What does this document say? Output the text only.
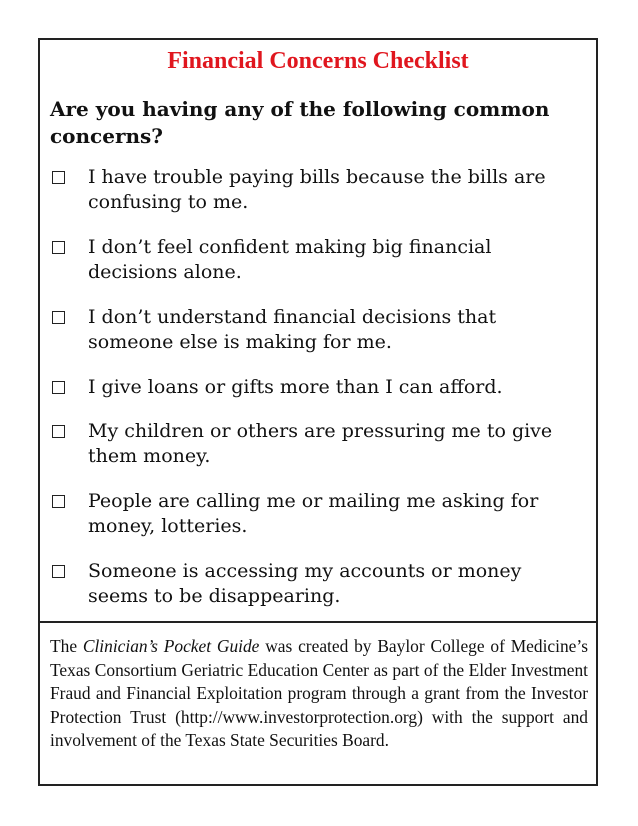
Financial Concerns Checklist

Are you having any of the following common concerns?

I have trouble paying bills because the bills are confusing to me.
I don’t feel confident making big financial decisions alone.
I don’t understand financial decisions that someone else is making for me.
I give loans or gifts more than I can afford.
My children or others are pressuring me to give them money.
People are calling me or mailing me asking for money, lotteries.
Someone is accessing my accounts or money seems to be disappearing.

The Clinician’s Pocket Guide was created by Baylor College of Medicine’s Texas Consortium Geriatric Education Center as part of the Elder Investment Fraud and Financial Exploitation program through a grant from the Investor Protection Trust (http://www.investorprotection.org) with the support and involvement of the Texas State Securities Board.
